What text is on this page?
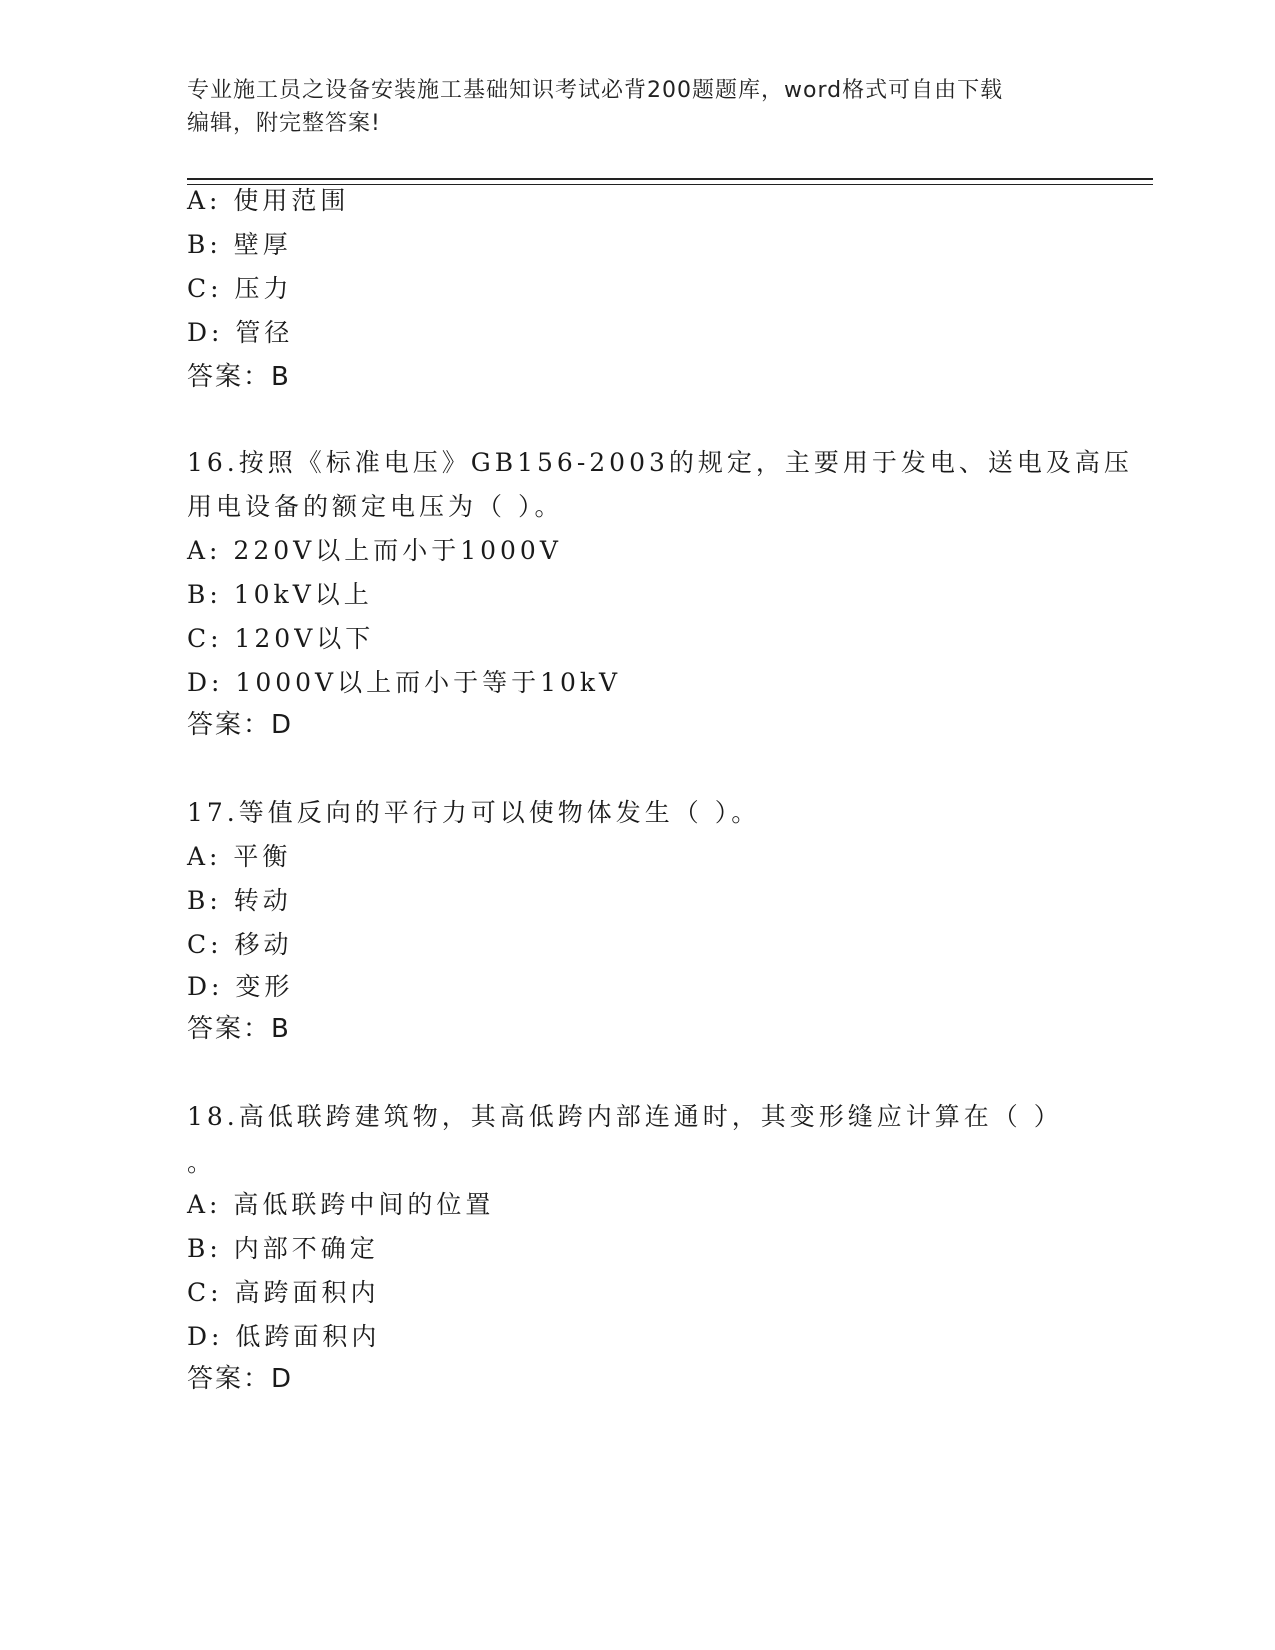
专业施工员之设备安装施工基础知识考试必背200题题库，word格式可自由下载
编辑，附完整答案!
A: 使用范围
B: 壁厚
C: 压力
D: 管径
答案：B
16.按照《标准电压》GB156-2003的规定，主要用于发电、送电及高压
用电设备的额定电压为（ ）。
A: 220V以上而小于1000V
B: 10kV以上
C: 120V以下
D: 1000V以上而小于等于10kV
答案：D
17.等值反向的平行力可以使物体发生（ ）。
A: 平衡
B: 转动
C: 移动
D: 变形
答案：B
18.高低联跨建筑物，其高低跨内部连通时，其变形缝应计算在（ ）
。
A: 高低联跨中间的位置
B: 内部不确定
C: 高跨面积内
D: 低跨面积内
答案：D
